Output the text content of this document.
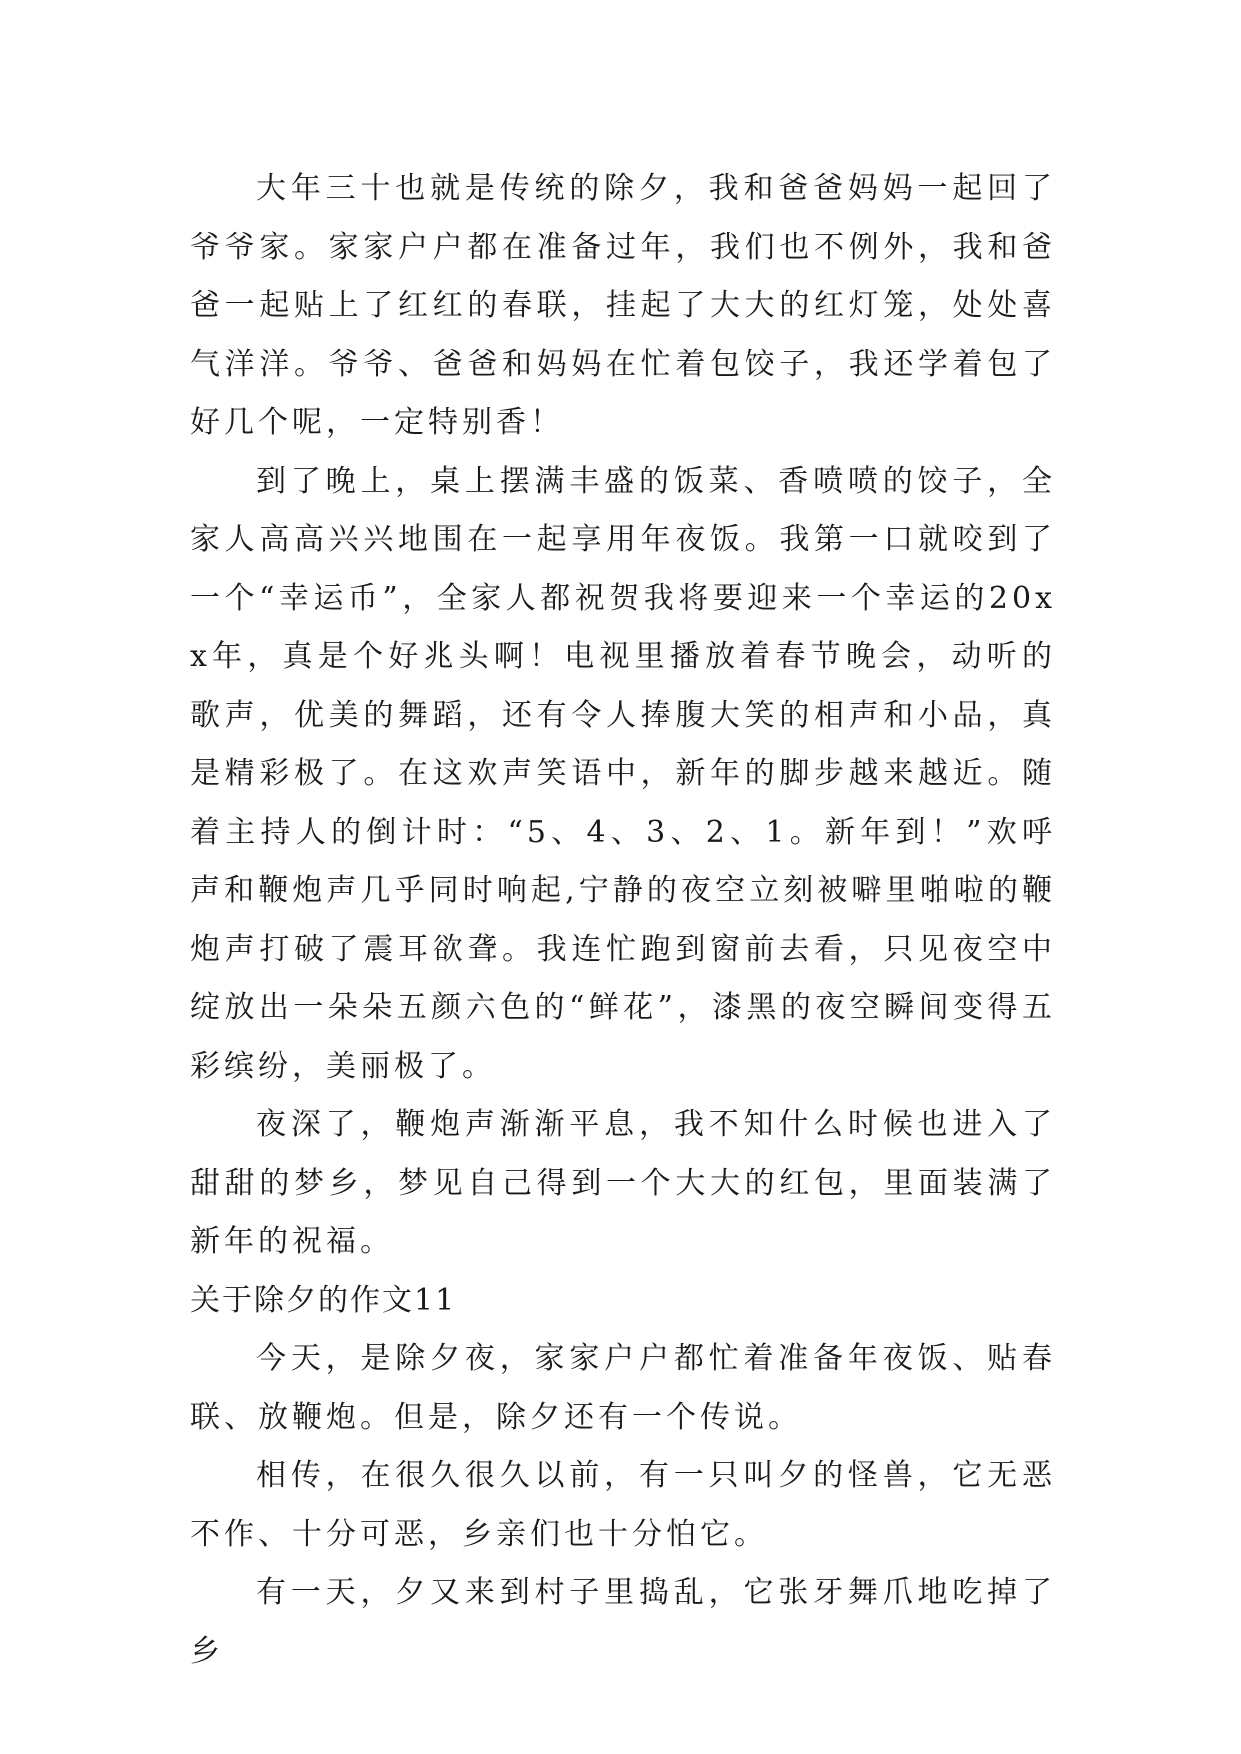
大年三十也就是传统的除夕，我和爸爸妈妈一起回了爷爷家。家家户户都在准备过年，我们也不例外，我和爸爸一起贴上了红红的春联，挂起了大大的红灯笼，处处喜气洋洋。爷爷、爸爸和妈妈在忙着包饺子，我还学着包了好几个呢，一定特别香！

到了晚上，桌上摆满丰盛的饭菜、香喷喷的饺子，全家人高高兴兴地围在一起享用年夜饭。我第一口就咬到了一个“幸运币”，全家人都祝贺我将要迎来一个幸运的20xx年，真是个好兆头啊！电视里播放着春节晚会，动听的歌声，优美的舞蹈，还有令人捧腹大笑的相声和小品，真是精彩极了。在这欢声笑语中，新年的脚步越来越近。随着主持人的倒计时：“5、4、3、2、1。新年到！”欢呼声和鞭炮声几乎同时响起,宁静的夜空立刻被噼里啪啦的鞭炮声打破了震耳欲聋。我连忙跑到窗前去看，只见夜空中绽放出一朵朵五颜六色的“鲜花”，漆黑的夜空瞬间变得五彩缤纷，美丽极了。

夜深了，鞭炮声渐渐平息，我不知什么时候也进入了甜甜的梦乡，梦见自己得到一个大大的红包，里面装满了新年的祝福。

关于除夕的作文11

今天，是除夕夜，家家户户都忙着准备年夜饭、贴春联、放鞭炮。但是，除夕还有一个传说。

相传，在很久很久以前，有一只叫夕的怪兽，它无恶不作、十分可恶，乡亲们也十分怕它。

有一天，夕又来到村子里捣乱，它张牙舞爪地吃掉了乡
